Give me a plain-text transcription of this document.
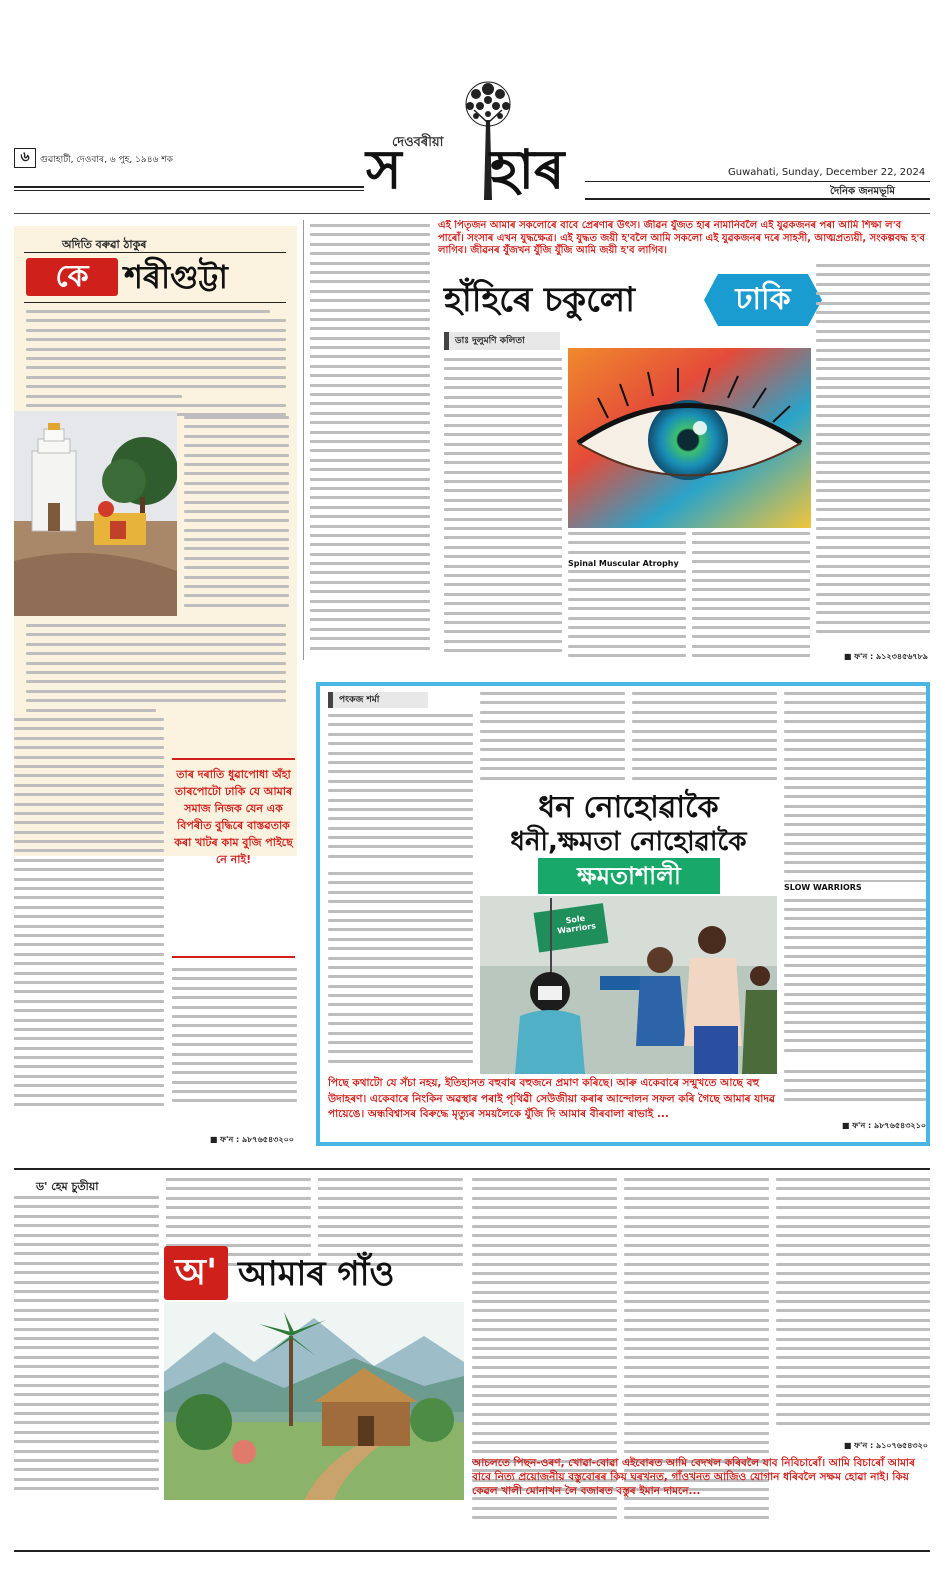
দেওবৰীয়া
স হাৰ
৬	গুৱাহাটী, দেওবাৰ, ৬ পুহ, ১৯৪৬ শক
Guwahati, Sunday, December 22, 2024
দৈনিক জনমভূমি
অদিতি বৰুৱা ঠাকুৰ
কে	শৰীগুট্টা
তাৰ দৰাতি ধুৱাপোধা অঁহা তাৰপোটো ঢাকি যে আমাৰ সমাজ নিজক যেন এক বিপৰীত বুদ্ধিৰে বাস্তৱতাক কৰা খাটৰ কাম বুজি পাইছে নে নাই!
■ ফ'ন : ৯৮৭৬৫৪৩২০০
এই পিতৃজন আমাৰ সকলোৰে বাবে প্ৰেৰণাৰ উৎস। জীৱন যুঁজত হাৰ নামানিবলৈ এই যুৱকজনৰ পৰা আমি শিক্ষা ল'ব পাৰোঁ। সংসাৰ এখন যুদ্ধক্ষেত্ৰ। এই যুদ্ধত জয়ী হ'বলৈ আমি সকলো এই যুৱকজনৰ দৰে সাহসী, আত্মপ্ৰত্যয়ী, সংকল্পবদ্ধ হ'ব লাগিব। জীৱনৰ যুঁজখন যুঁজি যুঁজি আমি জয়ী হ'ব লাগিব।
হাঁহিৰে চকুলো	ঢাকি
ডাঃ দুলুমণি কলিতা
Spinal Muscular Atrophy
■ ফ'ন : ৯১২৩৪৫৬৭৮৯
পংকজ শৰ্মা
ধন নোহোৱাকৈ
ধনী,ক্ষমতা নোহোৱাকৈ
ক্ষমতাশালী
Sole Warriors
SLOW WARRIORS
পিছে কথাটো যে সঁচা নহয়, ইতিহাসত বহুবাৰ বহুজনে প্ৰমাণ কৰিছে। আৰু একেবাৰে সন্মুখতে আছে বহু উদাহৰণ। একেবাৰে নিংকিন অৱস্থাৰ পৰাই পৃথিৱী সেউজীয়া কৰাৰ আন্দোলন সফল কৰি গৈছে আমাৰ যাদৱ পায়েঙে। অন্ধবিশ্বাসৰ বিৰুদ্ধে মৃত্যুৰ সময়লৈকে যুঁজি দি আমাৰ বীৰবালা ৰাভাই ...
■ ফ'ন : ৯৮৭৬৫৪৩২১০
ড' হেম চুতীয়া
অ' আমাৰ গাঁও
■ ফ'ন : ৯১০৭৬৫৪৩২০
আচলতে পিছন-ওৰণ, খোৱা-বোৱা এইবোৰত আমি বেদখল কৰিবলৈ যাব নিবিচাৰোঁ। আমি বিচাৰোঁ আমাৰ বাবে নিত্য প্ৰয়োজনীয় বস্তুবোৰৰ কিয় ঘৰখনত, গাঁওখনত আজিও যোগান ধৰিবলৈ সক্ষম হোৱা নাই। কিয় কেৱল খালী মোনাখন লৈ বজাৰত বস্তুৰ ইমান দামনে...
